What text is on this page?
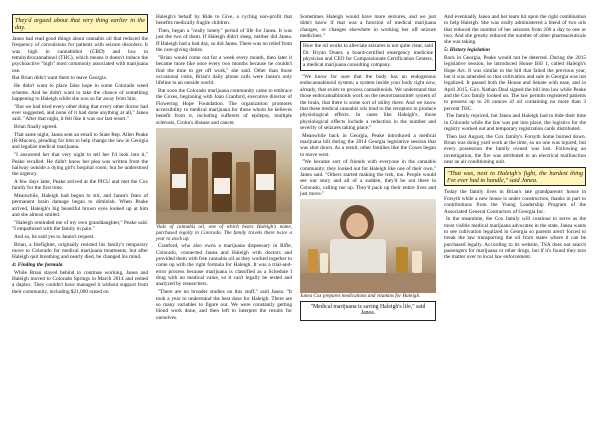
They'd argued about that very thing earlier in the day.

Janea had read good things about cannabis oil that reduced the frequency of convulsions for patients with seizure disorders. It was high in cannabidiol (CBD) and low in tetrahydrocannabinol (THC), which means it doesn't induce the psychoactive "high" most commonly associated with marijuana use.

But Brian didn't want them to leave Georgia.

He didn't want to place false hope in some Colorado weed scheme. And he didn't want to take the chance of something happening to Haleigh while she was so far away from him.

"But we had tried every other thing that every other doctor had ever suggested, and none of it had done anything at all," Janea said. "After that night, it felt like it was our last resort."

Brian finally agreed.

That same night, Janea sent an email to State Rep. Allen Peake (R-Macon), pleading for him to help change the law in Georgia and legalize medical marijuana.

"I answered her that very night to tell her I'd look into it," Peake recalled. He didn't know her plea was written from the hallway outside a dying girl's hospital room, but he understood the urgency.

A few days later, Peake arrived at the PICU and met the Cox family for the first time.

Meanwhile, Haleigh had begun to stir, and Janea's fears of permanent brain damage began to diminish. When Peake arrived, Haleigh's big beautiful brown eyes looked up at him and she almost smiled.

"Haleigh reminded me of my own granddaughter," Peake said. "I empathized with the family in pain."

And so, he said yes to Janea's request.

Brian, a firefighter, originally resisted his family's temporary move to Colorado for medical marijuana treatments, but after Haleigh quit breathing and nearly died, he changed his mind.

4: Finding the formula

While Brian stayed behind to continue working, Janea and Haleigh moved to Colorado Springs in March 2014 and rented a duplex. They couldn't have managed it without support from their community, including $21,000 raised on

Haleigh's behalf by Ride to Give, a cycling non-profit that benefits medically fragile children.

Then, began a "really lonely" period of life for Janea. It was just the two of them. If Haleigh didn't sleep, neither did Janea. If Haleigh had a bad day, so did Janea. There was no relief from the care-giving duties.

"Brian would come out for a week every month, then later it became more like once every two months because he couldn't find the time to get off work," she said. Other than those occasional visits, Brian's daily phone calls were Janea's only lifeline to an outside world.

But soon the Colorado marijuana community came to embrace the Coxes, beginning with Joan Cranford, executive director of Flowering Hope Foundation. The organization promotes accessibility to medical marijuana for those whom he believes benefit from it, including sufferers of epilepsy, multiple sclerosis, Crohn's disease and cancer.

Vials of cannabis oil, one of which bears Haleigh's name, purchased legally in Colorado. The family travels there twice a year to stock up.

Cranford, who also owns a marijuana dispensary in Rifle, Colorado, connected Janea and Haleigh with doctors and provided them with free cannabis oil as they worked together to come up with the right formula for Haleigh. It was a trial-and-error process because marijuana is classified as a Schedule I drug with no medical value, so it can't legally be tested and analyzed by researchers.

"There are no broader studies on this stuff," said Janea. "It took a year to understand the best dose for Haleigh. There are so many variables to figure out. We were constantly getting blood work done, and then left to interpret the results for ourselves.

Sometimes Haleigh would have more seizures, and we just didn't know if that was a function of medical marijuana changes, or changes elsewhere in working her off seizure medicines."

How the oil works to alleviate seizures is not quite clear, said Dr. Bryan Doner, a board-certified emergency medicine physician and CEO for Compassionate Certification Centers, a medical marijuana consulting company.

"We know for sure that the body has an endogenous endocannabinoid system; a system inside your body right now, already, that exists to process cannabinoids. We understand that those endocannabinoids work on the neurotransmitter system of the brain, that there is some sort of utility there. And we know that these medical cannabis oils bind to the receptors to produce physiological effects. In cases like Haleigh's, those physiological effects include a reduction in the number and severity of seizures taking place."

Meanwhile back in Georgia, Peake introduced a medical marijuana bill during the 2014 Georgia legislative session that was shot down. As a result, other families like the Coxes began to move west.

"We became sort of friends with everyone in the cannabis community; they looked out for Haleigh like one of their own," Janea said. "Others started making the trek, too. People would see our story and all of a sudden, they'd be out there in Colorado, calling me up. They'd pack up their entire lives and just move."

Janea Cox prepares medications and vitamins for Haleigh.

"Medical marijuana is saving Haleigh's life," said Janea.

And eventually Janea and her team hit upon the right combination to help Haleigh. She was orally administered a blend of two oils that reduced the number of her seizures from 200 a day to one or two. And she greatly reduced the number of other pharmaceuticals she was taking.

5: History legislation

Back in Georgia, Peake would not be deterred. During the 2015 legislative session, he introduced House Bill 1, called Haleigh's Hope Act. It was similar to the bill that failed the previous year, but it was amended so that cultivation and sale in Georgia was not legalized. It passed both the House and Senate with ease, and in April 2015, Gov. Nathan Deal signed the bill into law while Peake and the Cox family looked on. The law permits registered patients to possess up to 20 ounces of oil containing no more than 3 percent THC.

The family rejoiced, but Janea and Haleigh had to bide their time in Colorado while the law was put into place, the logistics for the registry worked out and temporary registration cards distributed.

Then last August, the Cox family's Forsyth home burned down. Brian was doing yard work at the time, so no one was injured, but every possession the family owned was lost. Following an investigation, the fire was attributed to an electrical malfunction near an air conditioning unit.

"That was, next to Haleigh's fight, the hardest thing I've ever had to handle," said Janea.

Today the family lives in Brian's late grandparents' house in Forsyth while a new house is under construction, thanks in part to contributions from the Young Leadership Program of the Associated General Contractors of Georgia Inc.

In the meantime, the Cox family will continue to serve as the most visible medical marijuana advocates in the state. Janea wants to see cultivation legalized in Georgia so parents aren't forced to break the law transporting the oil from states where it can be purchased legally. According to its website, TSA does not search passengers for marijuana or other drugs, but if it's found they turn the matter over to local law enforcement.
